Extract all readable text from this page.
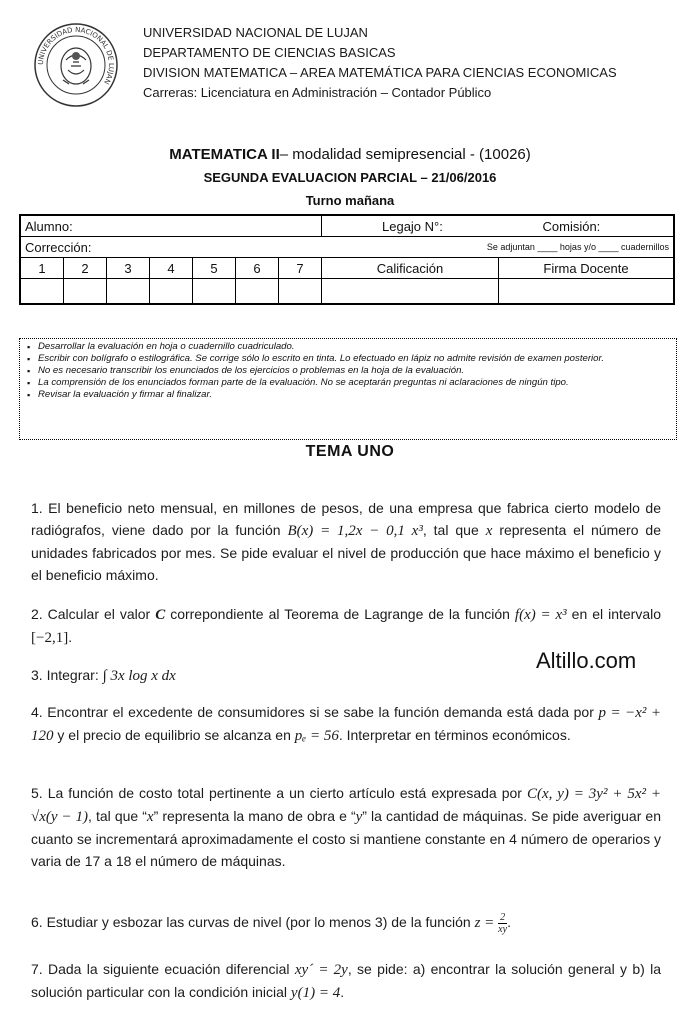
UNIVERSIDAD NACIONAL DE LUJAN
UNIVERSIDAD NACIONAL DE LUJAN
DEPARTAMENTO DE CIENCIAS BASICAS
DIVISION MATEMATICA – AREA MATEMÁTICA PARA CIENCIAS ECONOMICAS
Carreras: Licenciatura en Administración – Contador Público
MATEMATICA II– modalidad semipresencial - (10026)
SEGUNDA EVALUACION PARCIAL – 21/06/2016
Turno mañana
Alumno:							Legajo N°:	Comisión:
Corrección:							Se adjuntan ____ hojas y/o ____ cuadernillos	
1	2	3	4	5	6	7	Calificación	Firma Docente

▪ Desarrollar la evaluación en hoja o cuadernillo cuadriculado.
▪ Escribir con bolígrafo o estilográfica. Se corrige sólo lo escrito en tinta. Lo efectuado en lápiz no admite revisión de examen posterior.
▪ No es necesario transcribir los enunciados de los ejercicios o problemas en la hoja de la evaluación.
▪ La comprensión de los enunciados forman parte de la evaluación. No se aceptarán preguntas ni aclaraciones de ningún tipo.
▪ Revisar la evaluación y firmar al finalizar.
TEMA UNO
1. El beneficio neto mensual, en millones de pesos, de una empresa que fabrica cierto modelo de radiógrafos, viene dado por la función B(x) = 1,2x − 0,1 x³, tal que x representa el número de unidades fabricados por mes. Se pide evaluar el nivel de producción que hace máximo el beneficio y el beneficio máximo.
2. Calcular el valor C correpondiente al Teorema de Lagrange de la función f(x) = x³ en el intervalo [−2,1].
3. Integrar: ∫ 3x log x dx
Altillo.com
4. Encontrar el excedente de consumidores si se sabe la función demanda está dada por p = −x² + 120 y el precio de equilibrio se alcanza en pₑ = 56. Interpretar en términos económicos.
5. La función de costo total pertinente a un cierto artículo está expresada por C(x, y) = 3y² + 5x² + √x(y − 1), tal que “x” representa la mano de obra e “y” la cantidad de máquinas. Se pide averiguar en cuanto se incrementará aproximadamente el costo si mantiene constante en 4 número de operarios y varia de 17 a 18 el número de máquinas.
6. Estudiar y esbozar las curvas de nivel (por lo menos 3) de la función $z = \frac{2}{xy}$ .
7. Dada la siguiente ecuación diferencial xy´ = 2y, se pide: a) encontrar la solución general y b) la solución particular con la condición inicial y(1) = 4.
